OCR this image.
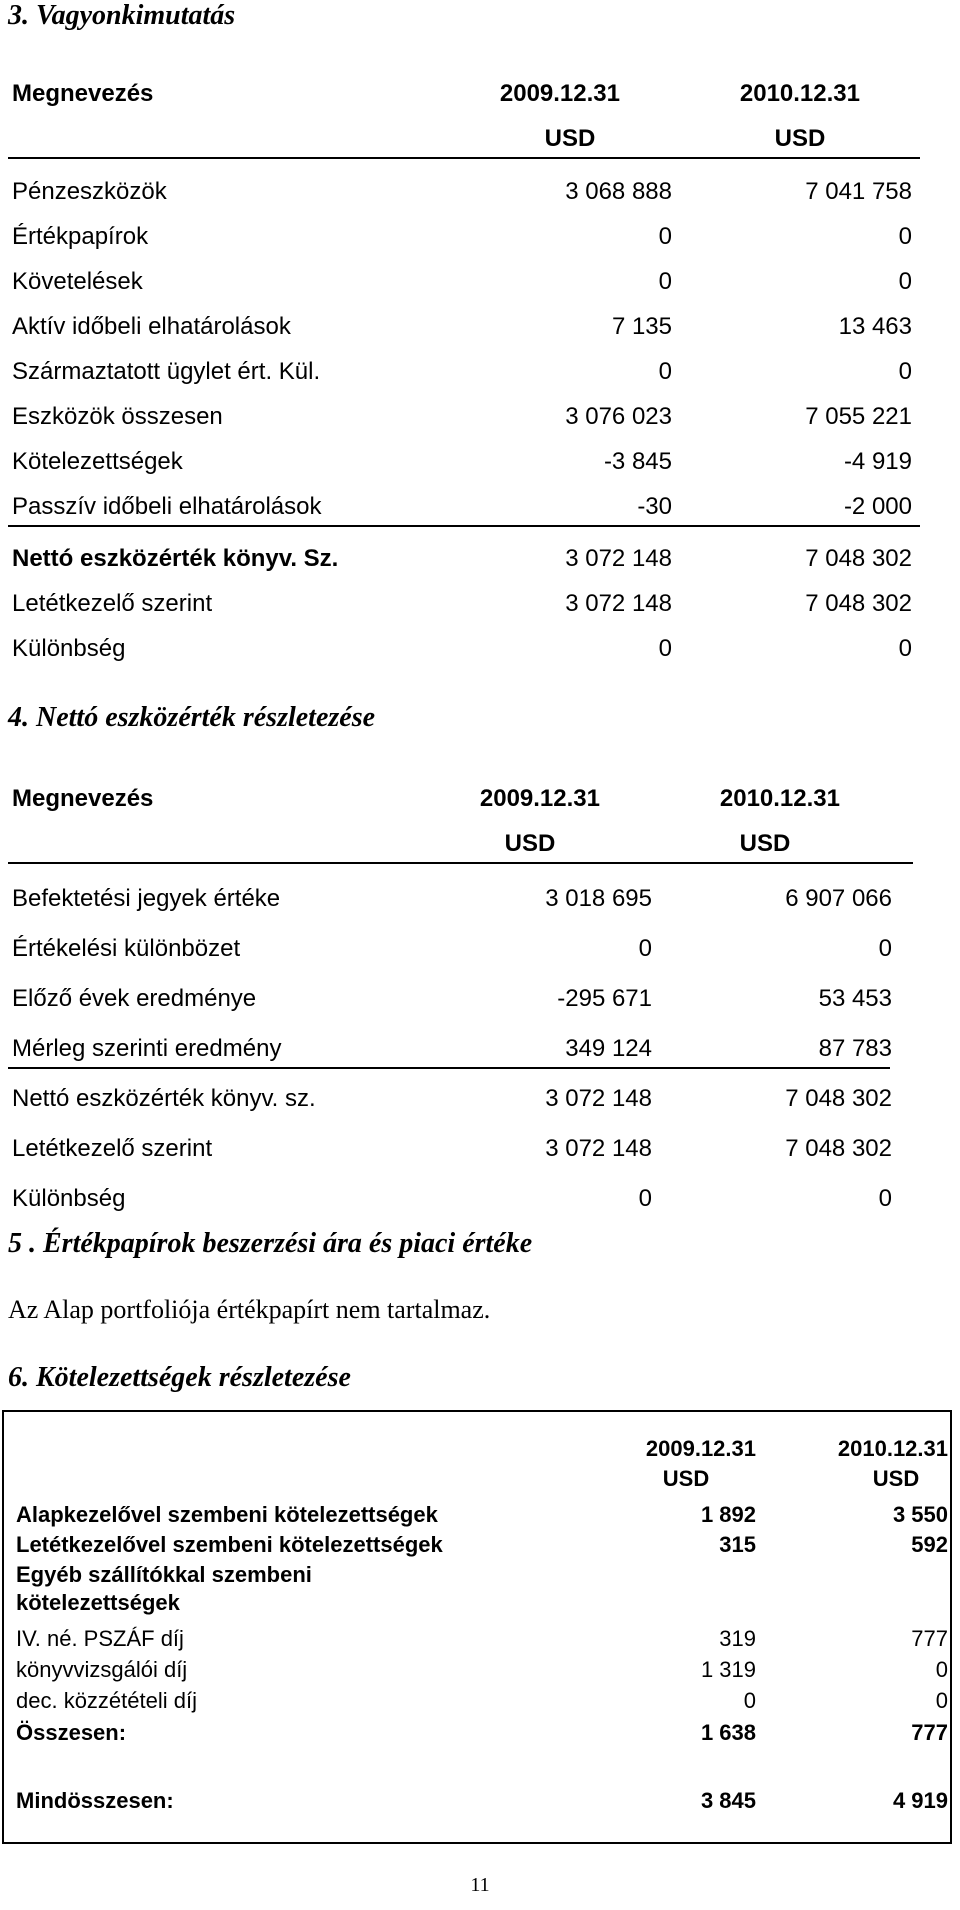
3. Vagyonkimutatás
Megnevezés	2009.12.31	2010.12.31
USD	USD
Pénzeszközök	3 068 888	7 041 758
Értékpapírok	0	0
Követelések	0	0
Aktív időbeli elhatárolások	7 135	13 463
Származtatott ügylet ért. Kül.	0	0
Eszközök összesen	3 076 023	7 055 221
Kötelezettségek	-3 845	-4 919
Passzív időbeli elhatárolások	-30	-2 000
Nettó eszközérték könyv. Sz.	3 072 148	7 048 302
Letétkezelő szerint	3 072 148	7 048 302
Különbség	0	0
4. Nettó eszközérték részletezése
Megnevezés	2009.12.31	2010.12.31
USD	USD
Befektetési jegyek értéke	3 018 695	6 907 066
Értékelési különbözet	0	0
Előző évek eredménye	-295 671	53 453
Mérleg szerinti eredmény	349 124	87 783
Nettó eszközérték könyv. sz.	3 072 148	7 048 302
Letétkezelő szerint	3 072 148	7 048 302
Különbség	0	0
5 . Értékpapírok beszerzési ára és piaci értéke
Az Alap portfoliója értékpapírt nem tartalmaz.
6. Kötelezettségek részletezése
2009.12.31	2010.12.31
USD	USD
Alapkezelővel szembeni kötelezettségek	1 892	3 550
Letétkezelővel szembeni kötelezettségek	315	592
Egyéb szállítókkal szembeni
kötelezettségek
IV. né. PSZÁF díj	319	777
könyvvizsgálói díj	1 319	0
dec. közzétételi díj	0	0
Összesen:	1 638	777
Mindösszesen:	3 845	4 919
11
